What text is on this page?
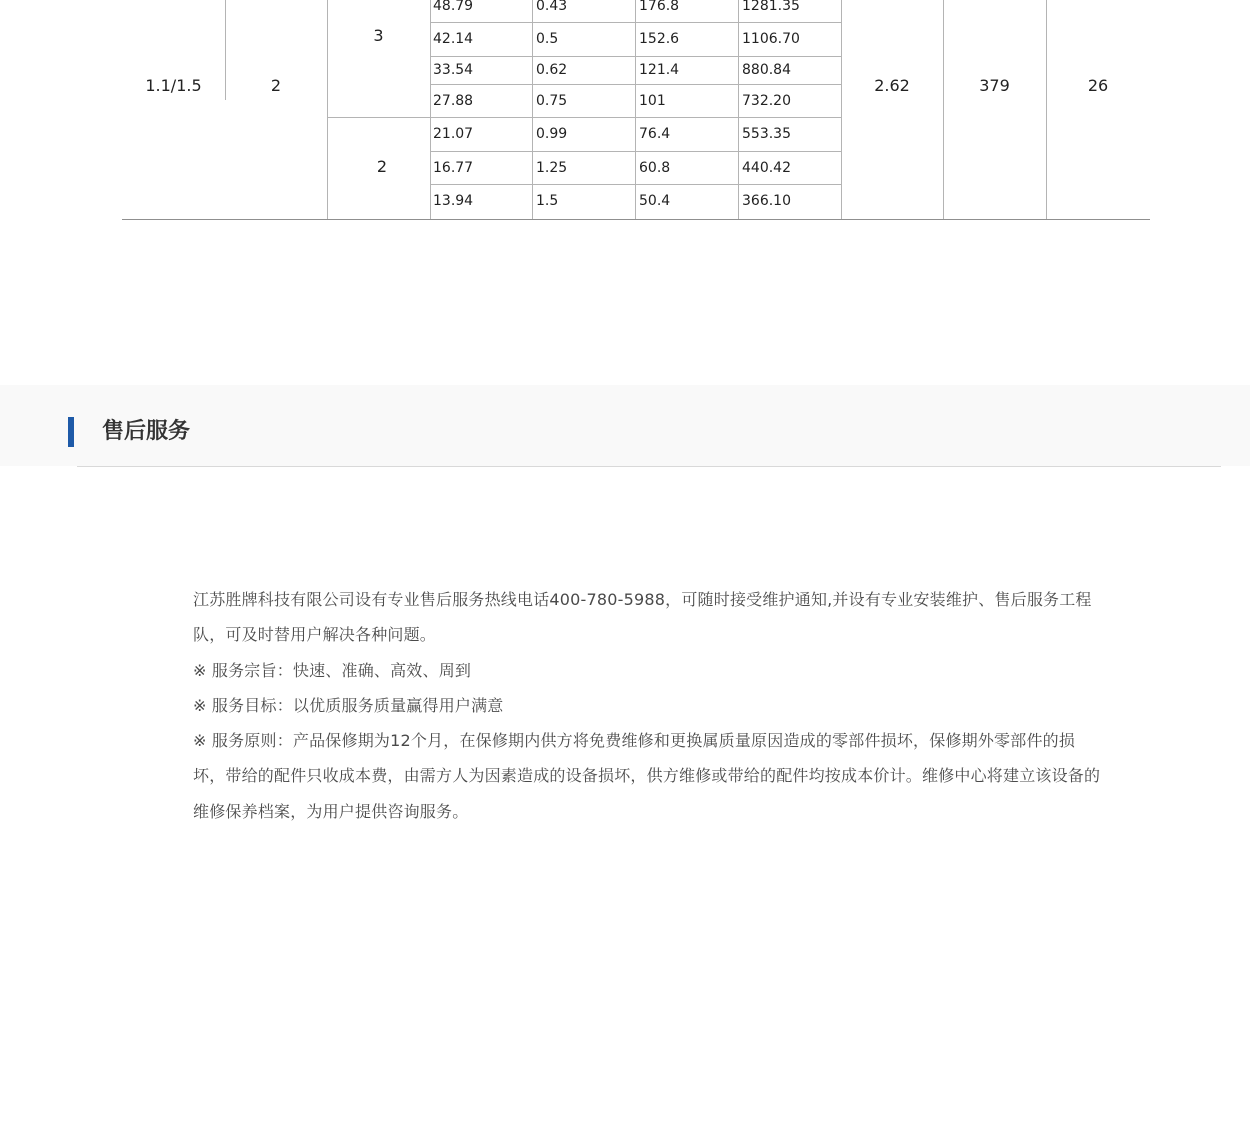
1.1/1.5	2
3
2
2.62	379	26
48.79	0.43	176.8	1281.35
42.14	0.5	152.6	1106.70
33.54	0.62	121.4	880.84
27.88	0.75	101	732.20
21.07	0.99	76.4	553.35
16.77	1.25	60.8	440.42
13.94	1.5	50.4	366.10
售后服务

江苏胜牌科技有限公司设有专业售后服务热线电话400-780-5988，可随时接受维护通知,并设有专业安装维护、售后服务工程队，可及时替用户解决各种问题。

※ 服务宗旨：快速、准确、高效、周到

※ 服务目标：以优质服务质量赢得用户满意

※ 服务原则：产品保修期为12个月，在保修期内供方将免费维修和更换属质量原因造成的零部件损坏，保修期外零部件的损坏，带给的配件只收成本费，由需方人为因素造成的设备损坏，供方维修或带给的配件均按成本价计。维修中心将建立该设备的维修保养档案，为用户提供咨询服务。
